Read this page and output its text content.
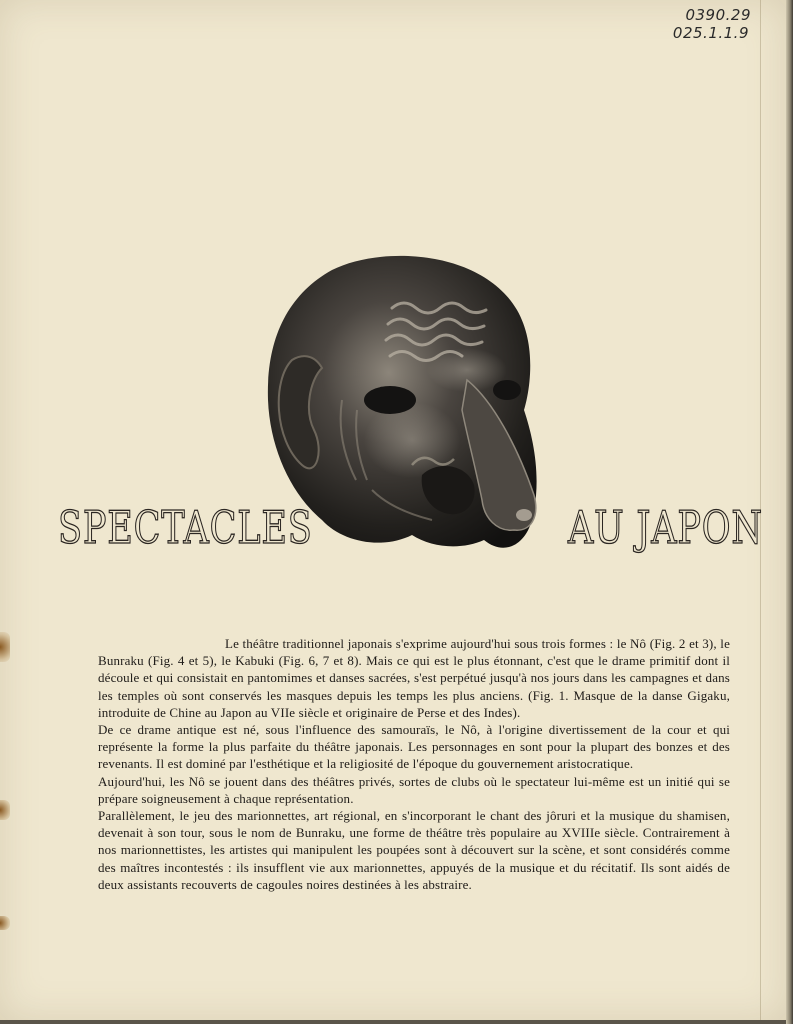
0390.29
025.1.1.9
SPECTACLES	AU JAPON

Le théâtre traditionnel japonais s'exprime aujourd'hui sous trois formes : le Nô (Fig. 2 et 3), le Bunraku (Fig. 4 et 5), le Kabuki (Fig. 6, 7 et 8). Mais ce qui est le plus étonnant, c'est que le drame primitif dont il découle et qui consistait en pantomimes et danses sacrées, s'est perpétué jusqu'à nos jours dans les campagnes et dans les temples où sont conservés les masques depuis les temps les plus anciens. (Fig. 1. Masque de la danse Gigaku, introduite de Chine au Japon au VIIe siècle et originaire de Perse et des Indes).

De ce drame antique est né, sous l'influence des samouraïs, le Nô, à l'origine divertissement de la cour et qui représente la forme la plus parfaite du théâtre japonais. Les personnages en sont pour la plupart des bonzes et des revenants. Il est dominé par l'esthétique et la religiosité de l'époque du gouvernement aristocratique.

Aujourd'hui, les Nô se jouent dans des théâtres privés, sortes de clubs où le spectateur lui-même est un initié qui se prépare soigneusement à chaque représentation.

Parallèlement, le jeu des marionnettes, art régional, en s'incorporant le chant des jôruri et la musique du shamisen, devenait à son tour, sous le nom de Bunraku, une forme de théâtre très populaire au XVIIIe siècle. Contrairement à nos marionnettistes, les artistes qui manipulent les poupées sont à découvert sur la scène, et sont considérés comme des maîtres incontestés : ils insufflent vie aux marionnettes, appuyés de la musique et du récitatif. Ils sont aidés de deux assistants recouverts de cagoules noires destinées à les abstraire.
